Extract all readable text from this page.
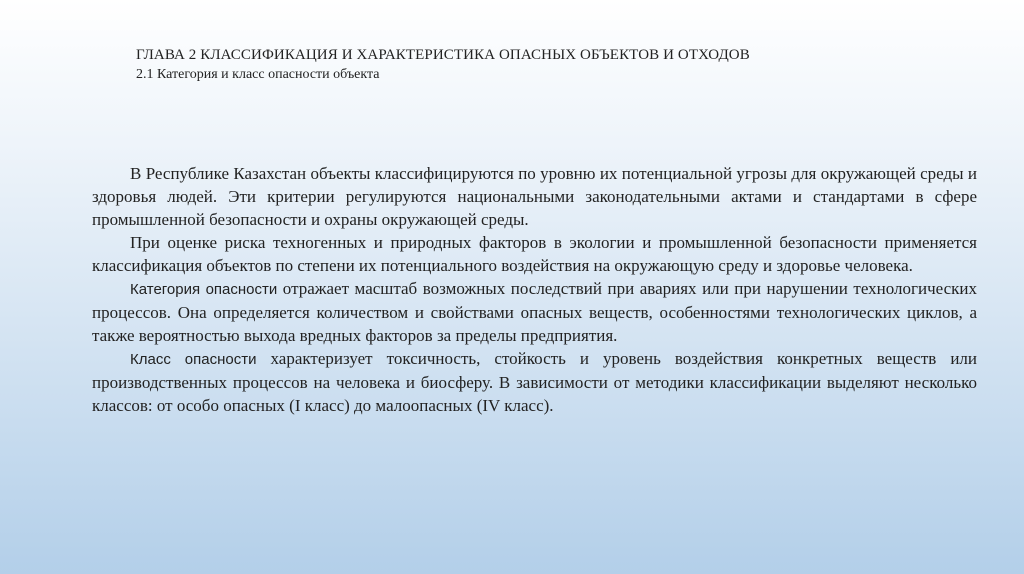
ГЛАВА 2 КЛАССИФИКАЦИЯ И ХАРАКТЕРИСТИКА ОПАСНЫХ ОБЪЕКТОВ И ОТХОДОВ
2.1 Категория и класс опасности объекта

В Республике Казахстан объекты классифицируются по уровню их потенциальной угрозы для окружающей среды и здоровья людей. Эти критерии регулируются национальными законодательными актами и стандартами в сфере промышленной безопасности и охраны окружающей среды.

При оценке риска техногенных и природных факторов в экологии и промышленной безопасности применяется классификация объектов по степени их потенциального воздействия на окружающую среду и здоровье человека.

Категория опасности отражает масштаб возможных последствий при авариях или при нарушении технологических процессов. Она определяется количеством и свойствами опасных веществ, особенностями технологических циклов, а также вероятностью выхода вредных факторов за пределы предприятия.

Класс опасности характеризует токсичность, стойкость и уровень воздействия конкретных веществ или производственных процессов на человека и биосферу. В зависимости от методики классификации выделяют несколько классов: от особо опасных (I класс) до малоопасных (IV класс).
